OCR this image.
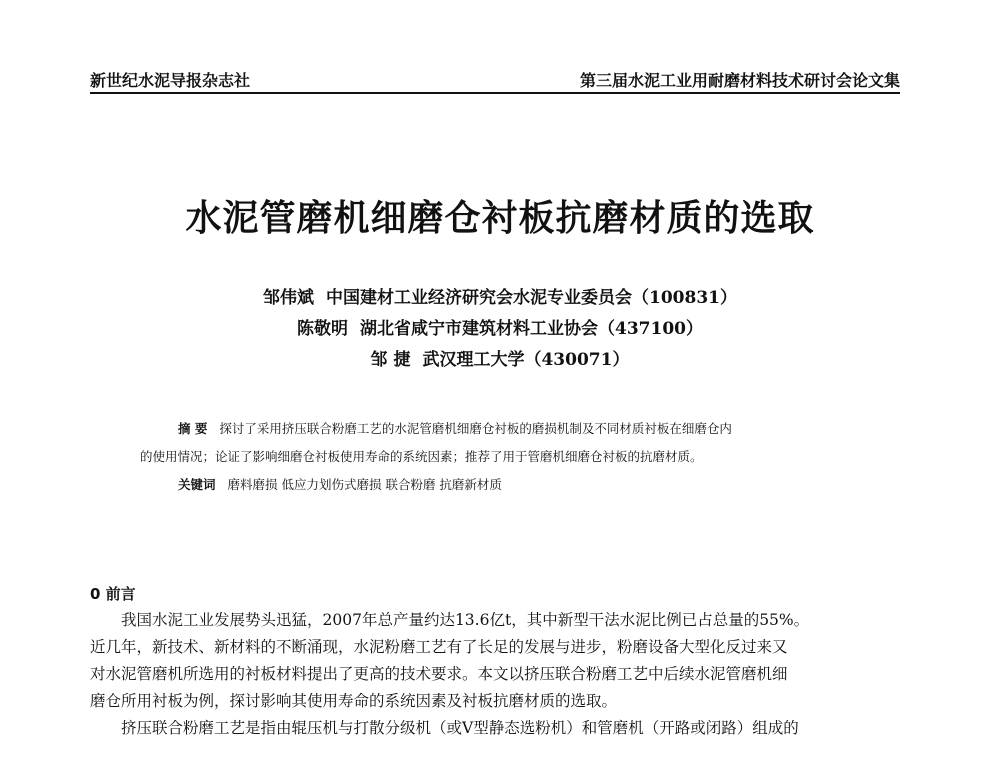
新世纪水泥导报杂志社	第三届水泥工业用耐磨材料技术研讨会论文集
水泥管磨机细磨仓衬板抗磨材质的选取
邹伟斌 中国建材工业经济研究会水泥专业委员会（100831）
陈敬明 湖北省咸宁市建筑材料工业协会（437100）
邹 捷 武汉理工大学（430071）
摘 要 探讨了采用挤压联合粉磨工艺的水泥管磨机细磨仓衬板的磨损机制及不同材质衬板在细磨仓内
的使用情况；论证了影响细磨仓衬板使用寿命的系统因素；推荐了用于管磨机细磨仓衬板的抗磨材质。
关键词 磨料磨损 低应力划伤式磨损 联合粉磨 抗磨新材质
0 前言
我国水泥工业发展势头迅猛，2007年总产量约达13.6亿t，其中新型干法水泥比例已占总量的55%。
近几年，新技术、新材料的不断涌现，水泥粉磨工艺有了长足的发展与进步，粉磨设备大型化反过来又
对水泥管磨机所选用的衬板材料提出了更高的技术要求。本文以挤压联合粉磨工艺中后续水泥管磨机细
磨仓所用衬板为例，探讨影响其使用寿命的系统因素及衬板抗磨材质的选取。
挤压联合粉磨工艺是指由辊压机与打散分级机（或V型静态选粉机）和管磨机（开路或闭路）组成的
